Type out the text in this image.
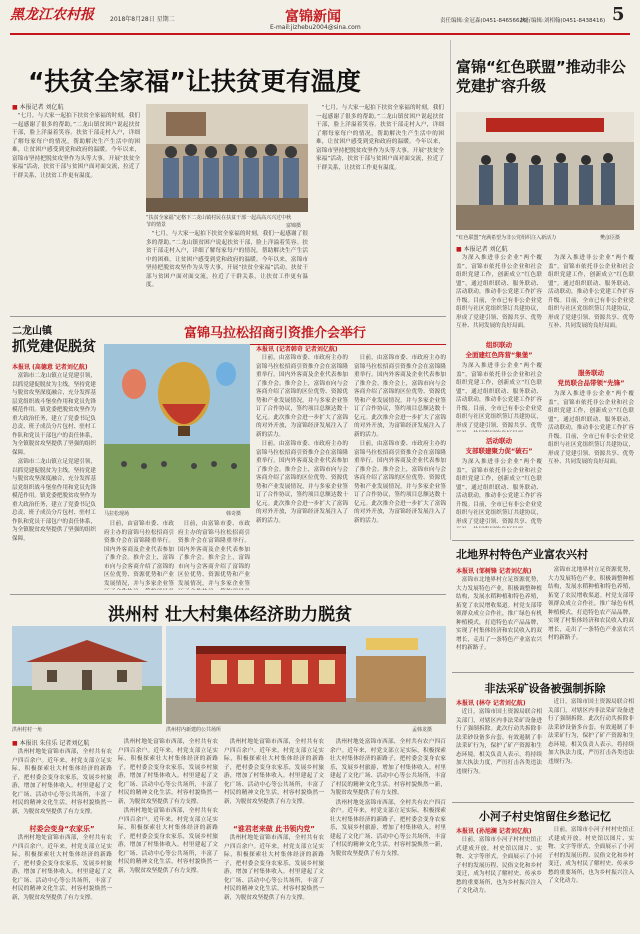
黑龙江农村报	2018年8月28日 星期二	富锦新闻
E-mail:jizhebu2004@sina.com
责任编辑:金冠森(0451-84656626)
执行编辑:刘相翰(0451-8438416) 5
“扶贫全家福”让扶贫更有温度
■ 本报记者 刘亿航

“七月，与大家一起拍下扶贫全家福的时刻，我们一起感谢了很多的帮助。”二龙山镇贫困户说起扶贫干部，脸上洋溢着笑容。扶贫干部走村入户，详细了解每家每户的情况，帮助解决生产生活中的困难，让贫困户感受到党和政府的温暖。今年以来，富锦市坚持把脱贫攻坚作为头等大事，开展“扶贫全家福”活动，扶贫干部与贫困户面对面交流，拉近了干群关系，让扶贫工作更有温度。

“扶贫全家福”定格下二龙山镇村民在扶贫干部一起高高兴兴过中秋节的情景	富锦摄

“七月，与大家一起拍下扶贫全家福的时刻，我们一起感谢了很多的帮助。”二龙山镇贫困户说起扶贫干部，脸上洋溢着笑容。扶贫干部走村入户，详细了解每家每户的情况，帮助解决生产生活中的困难，让贫困户感受到党和政府的温暖。今年以来，富锦市坚持把脱贫攻坚作为头等大事，开展“扶贫全家福”活动，扶贫干部与贫困户面对面交流，拉近了干群关系，让扶贫工作更有温度。

“七月，与大家一起拍下扶贫全家福的时刻，我们一起感谢了很多的帮助。”二龙山镇贫困户说起扶贫干部，脸上洋溢着笑容。扶贫干部走村入户，详细了解每家每户的情况，帮助解决生产生活中的困难，让贫困户感受到党和政府的温暖。今年以来，富锦市坚持把脱贫攻坚作为头等大事，开展“扶贫全家福”活动，扶贫干部与贫困户面对面交流，拉近了干群关系，让扶贫工作更有温度。

富锦“红色联盟”推动非公党建扩容升级
“红色联盟”充满希望为非公党组织注入新活力	樊彦臣摄
■ 本报记者 刘亿航

为深入推进非公企业“两个覆盖”，富锦市依托非公企业和社会组织党建工作，创新成立“红色联盟”，通过组织联动、服务联动、活动联动，推动非公党建工作扩容升级。目前，全市已有非公企业党组织与社区党组织签订共建协议，形成了党建引领、资源共享、优势互补、共同发展的良好局面。

组织联动
全面建红色阵营“集堡”

为深入推进非公企业“两个覆盖”，富锦市依托非公企业和社会组织党建工作，创新成立“红色联盟”，通过组织联动、服务联动、活动联动，推动非公党建工作扩容升级。目前，全市已有非公企业党组织与社区党组织签订共建协议，形成了党建引领、资源共享、优势

活动联动
支部联建聚力促“破石”

为深入推进非公企业“两个覆盖”，富锦市依托非公企业和社会组织党建工作，创新成立“红色联盟”，通过组织联动、服务联动、活动联动，推动非公党建工作扩容升级。目前，全市已有非公企业党组织与社区党组织签订共建协议，形成了党建引领、资源共享、优势

为深入推进非公企业“两个覆盖”，富锦市依托非公企业和社会组织党建工作，创新成立“红色联盟”，通过组织联动、服务联动、活动联动，推动非公党建工作扩容升级。目前，全市已有非公企业党组织与社区党组织签订共建协议，形成了党建引领、资源共享、优势互补、共同发展的良好局面。

服务联动
党员联合品带领“先锋”

为深入推进非公企业“两个覆盖”，富锦市依托非公企业和社会组织党建工作，创新成立“红色联盟”，通过组织联动、服务联动、活动联动，推动非公党建工作扩容升级。目前，全市已有非公企业党组织与社区党组织签订共建协议，形成了党建引领、资源共享、优势互补、共同发展的良好局面。

二龙山镇
抓党建促脱贫
本报讯 (高德意 记者刘亿航)

富锦市二龙山镇立足党建引领，以抓党建促脱贫为主线，坚持党建与脱贫攻坚深度融合，充分发挥基层党组织战斗堡垒作用和党员先锋模范作用。镇党委把脱贫攻坚作为重大政治任务，建立了党委书记负总责、班子成员分片包村、驻村工作队和党员干部包户的责任体系，为全镇脱贫攻坚提供了坚强的组织保障。

富锦市二龙山镇立足党建引领，以抓党建促脱贫为主线，坚持党建与脱贫攻坚深度融合，充分发挥基层党组织战斗堡垒作用和党员先锋模范作用。镇党委把脱贫攻坚作为重大政治任务，建立了党委书记负总责、班子成员分片包村、驻村工作队和党员干部包户的责任体系，为全镇脱贫攻坚提供了坚强的组织保障。

富锦马拉松招商引资推介会举行
马拉松现场	韩奇摄

日前，由富锦市委、市政府主办的富锦马拉松招商引资推介会在富锦隆重举行。国内外客商及企业代表参加了推介会。推介会上，富锦市向与会客商介绍了富锦的区位优势、资源优势和产业发展情况，并与多家企业签

日前，由富锦市委、市政府主办的富锦马拉松招商引资推介会在富锦隆重举行。国内外客商及企业代表参加了推介会。推介会上，富锦市向与会客商介绍了富锦的区位优势、资源优势和产业发展情况，并与多家企业签

本报讯 (记者韩奇 记者刘亿航)

日前，由富锦市委、市政府主办的富锦马拉松招商引资推介会在富锦隆重举行。国内外客商及企业代表参加了推介会。推介会上，富锦市向与会客商介绍了富锦的区位优势、资源优势和产业发展情况，并与多家企业签订了合作协议，签约项目总额达数十亿元。此次推介会进一步扩大了富锦的对外开放，为富锦经济发展注入了新的活力。

日前，由富锦市委、市政府主办的富锦马拉松招商引资推介会在富锦隆重举行。国内外客商及企业代表参加了推介会。推介会上，富锦市向与会客商介绍了富锦的区位优势、资源优势和产业发展情况，并与多家企业签订了合作协议，签约项目总额达数十亿元。此次推介会进一步扩大了富锦的对外开放，为富锦经济发展注入了新的活力。

日前，由富锦市委、市政府主办的富锦马拉松招商引资推介会在富锦隆重举行。国内外客商及企业代表参加了推介会。推介会上，富锦市向与会客商介绍了富锦的区位优势、资源优势和产业发展情况，并与多家企业签订了合作协议，签约项目总额达数十亿元。此次推介会进一步扩大了富锦的对外开放，为富锦经济发展注入了新的活力。

日前，由富锦市委、市政府主办的富锦马拉松招商引资推介会在富锦隆重举行。国内外客商及企业代表参加了推介会。推介会上，富锦市向与会客商介绍了富锦的区位优势、资源优势和产业发展情况，并与多家企业签订了合作协议，签约项目总额达数十亿元。此次推介会进一步扩大了富锦的对外开放，为富锦经济发展注入了新的活力。

北地界村特色产业富农兴村
本报讯 (邹树锋 记者刘亿航)

富锦市北地界村立足资源优势，大力发展特色产业，积极调整种植结构，发展水稻种植和特色养殖，拓宽了农民增收渠道。村党支部带领群众成立合作社，推广绿色有机种植模式，打造特色农产品品牌，实现了村集体经济和农民收入的双增长，走出了一条特色产业富农兴村的新路子。

富锦市北地界村立足资源优势，大力发展特色产业，积极调整种植结构，发展水稻种植和特色养殖，拓宽了农民增收渠道。村党支部带领群众成立合作社，推广绿色有机种植模式，打造特色农产品品牌，实现了村集体经济和农民收入的双增长，走出了一条特色产业富农兴村的新路子。

洪州村 壮大村集体经济助力脱贫
洪州村村一角	洪州村内新建的公共场所	孟韩龙摄
■ 本报讯 朱佳乐 记者刘亿航

洪州村地处富锦市西部，全村共有农户四百余户。近年来，村党支部立足实际，积极探索壮大村集体经济的新路子，把村委会变身农家乐，发展乡村旅游，增加了村集体收入。村里建起了文化广场、活动中心等公共场所，丰富了村民的精神文化生活，村容村貌焕然一新，为脱贫攻坚提供了有力支撑。

村委会变身“农家乐”

洪州村地处富锦市西部，全村共有农户四百余户。近年来，村党支部立足实际，积极探索壮大村集体经济的新路子，把村委会变身农家乐，发展乡村旅游，增加了村集体收入。村里建起了文化广场、活动中心等公共场所，丰富了村民的精神文化生活，村容村貌焕然一新，为脱贫攻坚提供了有力支撑。

洪州村地处富锦市西部，全村共有农户四百余户。近年来，村党支部立足实际，积极探索壮大村集体经济的新路子，把村委会变身农家乐，发展乡村旅游，增加了村集体收入。村里建起了文化广场、活动中心等公共场所，丰富了村民的精神文化生活，村容村貌焕然一新，为脱贫攻坚提供了有力支撑。

洪州村地处富锦市西部，全村共有农户四百余户。近年来，村党支部立足实际，积极探索壮大村集体经济的新路子，把村委会变身农家乐，发展乡村旅游，增加了村集体收入。村里建起了文化广场、活动中心等公共场所，丰富了村民的精神文化生活，村容村貌焕然一新，为脱贫攻坚提供了有力支撑。

洪州村地处富锦市西部，全村共有农户四百余户。近年来，村党支部立足实际，积极探索壮大村集体经济的新路子，把村委会变身农家乐，发展乡村旅游，增加了村集体收入。村里建起了文化广场、活动中心等公共场所，丰富了村民的精神文化生活，村容村貌焕然一新，为脱贫攻坚提供了有力支撑。

“谁君老来做 此书领内党”

洪州村地处富锦市西部，全村共有农户四百余户。近年来，村党支部立足实际，积极探索壮大村集体经济的新路子，把村委会变身农家乐，发展乡村旅游，增加了村集体收入。村里建起了文化广场、活动中心等公共场所，丰富了村民的精神文化生活，村容村貌焕然一新，为脱贫攻坚提供了有力支撑。

洪州村地处富锦市西部，全村共有农户四百余户。近年来，村党支部立足实际，积极探索壮大村集体经济的新路子，把村委会变身农家乐，发展乡村旅游，增加了村集体收入。村里建起了文化广场、活动中心等公共场所，丰富了村民的精神文化生活，村容村貌焕然一新，为脱贫攻坚提供了有力支撑。

洪州村地处富锦市西部，全村共有农户四百余户。近年来，村党支部立足实际，积极探索壮大村集体经济的新路子，把村委会变身农家乐，发展乡村旅游，增加了村集体收入。村里建起了文化广场、活动中心等公共场所，丰富了村民的精神文化生活，村容村貌焕然一新，为脱贫攻坚提供了有力支撑。

非法采矿设备被强制拆除
本报讯 (林夺 记者刘亿航)

近日，富锦市国土资源局联合相关部门，对辖区内非法采矿设备进行了强制拆除。此次行动共拆除非法采砂设备多台套，有效遏制了非法采矿行为，保护了矿产资源和生态环境。相关负责人表示，将持续加大执法力度，严厉打击各类违法违规行为。

近日，富锦市国土资源局联合相关部门，对辖区内非法采矿设备进行了强制拆除。此次行动共拆除非法采砂设备多台套，有效遏制了非法采矿行为，保护了矿产资源和生态环境。相关负责人表示，将持续加大执法力度，严厉打击各类违法违规行为。

小河子村史馆留住乡愁记忆
本报讯 (孙旭澜 记者刘亿航)

日前，富锦市小河子村村史馆正式建成开放。村史馆以图片、实物、文字等形式，全面展示了小河子村的发展历程、民俗文化和乡村变迁，成为村民了解村史、传承乡愁的重要场所，也为乡村振兴注入了文化动力。

日前，富锦市小河子村村史馆正式建成开放。村史馆以图片、实物、文字等形式，全面展示了小河子村的发展历程、民俗文化和乡村变迁，成为村民了解村史、传承乡愁的重要场所，也为乡村振兴注入了文化动力。
